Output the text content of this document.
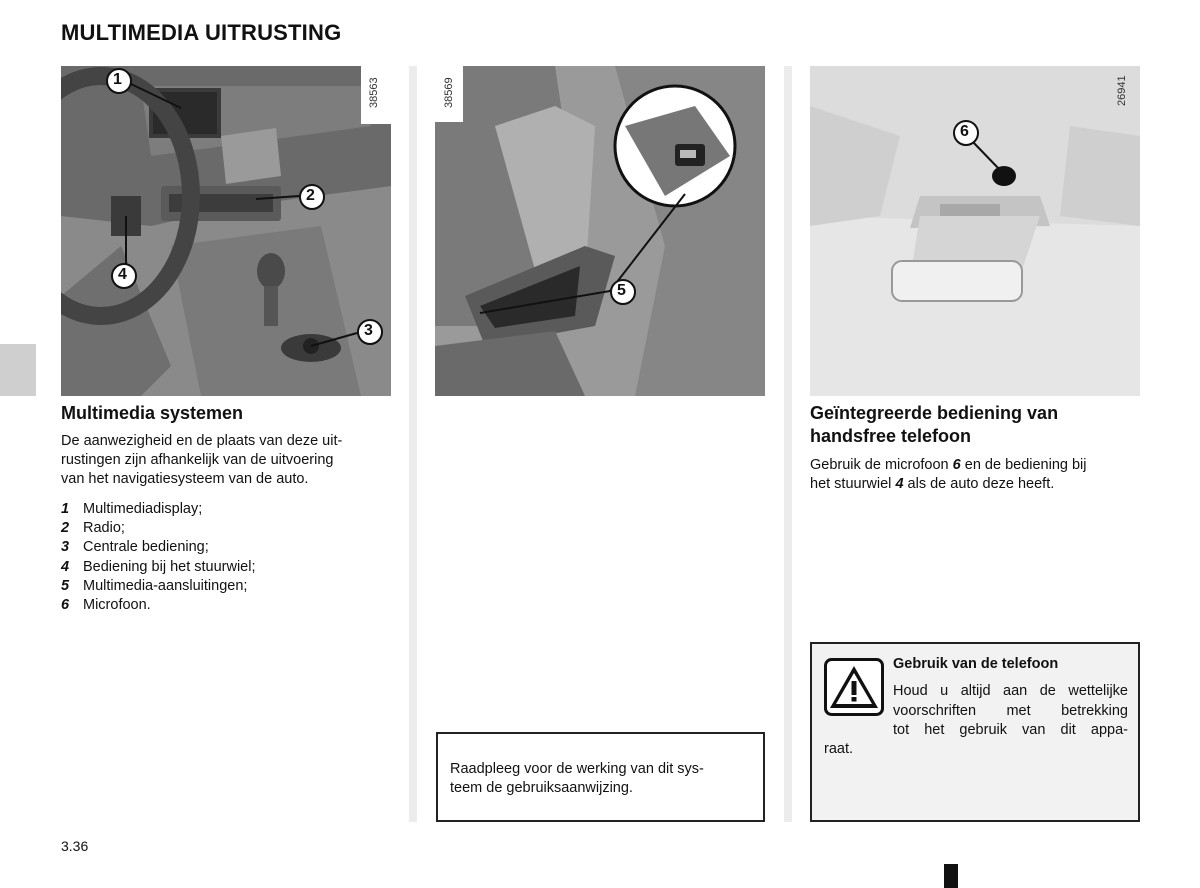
MULTIMEDIA UITRUSTING
1
2
3
4
38563
5
38569
6
26941
Multimedia systemen
De aanwezigheid en de plaats van deze uit-
rustingen zijn afhankelijk van de uitvoering
van het navigatiesysteem van de auto.
1 Multimediadisplay;
2 Radio;
3 Centrale bediening;
4 Bediening bij het stuurwiel;
5 Multimedia-aansluitingen;
6 Microfoon.
Raadpleeg voor de werking van dit sys-
teem de gebruiksaanwijzing.
Geïntegreerde bediening van
handsfree telefoon
Gebruik de microfoon 6 en de bediening bij
het stuurwiel 4 als de auto deze heeft.
Gebruik van de telefoon
Houd u altijd aan de wettelijke
voorschriften met betrekking
tot het gebruik van dit appa-
raat.
3.36
